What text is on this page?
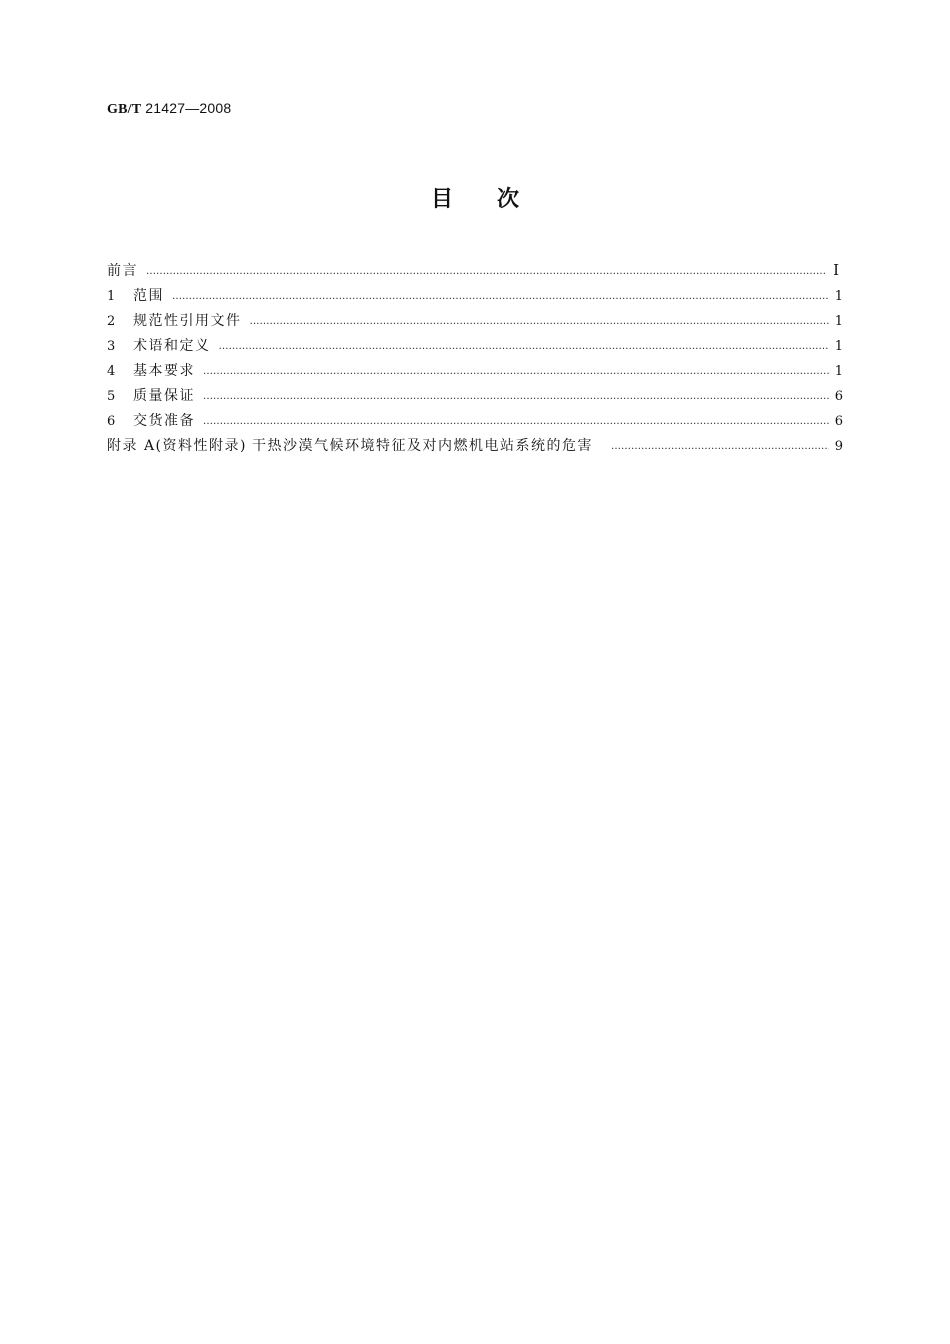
GB/T 21427—2008
目次
前言 ………………………………………………………………………………………………………………………………………………………………………………………………………………………………………	Ⅰ
1	范围 ………………………………………………………………………………………………………………………………………………………………………………………………………………………………………	1
2	规范性引用文件 ………………………………………………………………………………………………………………………………………………………………………………………………………………………………………	1
3	术语和定义 ………………………………………………………………………………………………………………………………………………………………………………………………………………………………………	1
4	基本要求 ………………………………………………………………………………………………………………………………………………………………………………………………………………………………………	1
5	质量保证 ………………………………………………………………………………………………………………………………………………………………………………………………………………………………………	6
6	交货准备 ………………………………………………………………………………………………………………………………………………………………………………………………………………………………………	6
附录 A(资料性附录) 干热沙漠气候环境特征及对内燃机电站系统的危害 ………………………………………………………………………………………………………………………………………………………………………………………………………………………………………	9
